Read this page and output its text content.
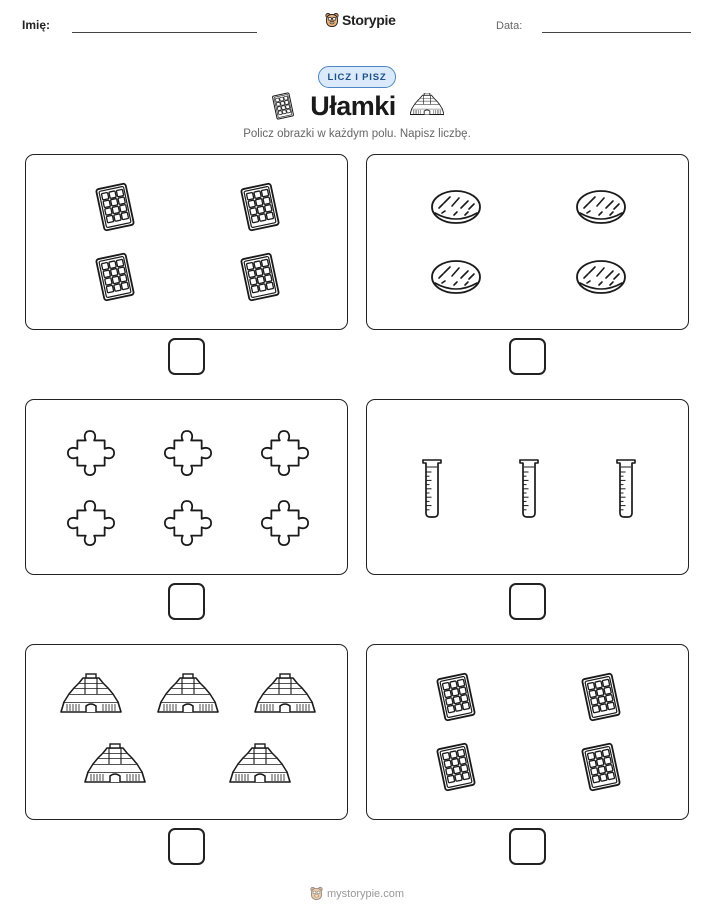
Imię:	Storypie	Data:
LICZ I PISZ
Ułamki
Policz obrazki w każdym polu. Napisz liczbę.
mystorypie.com
